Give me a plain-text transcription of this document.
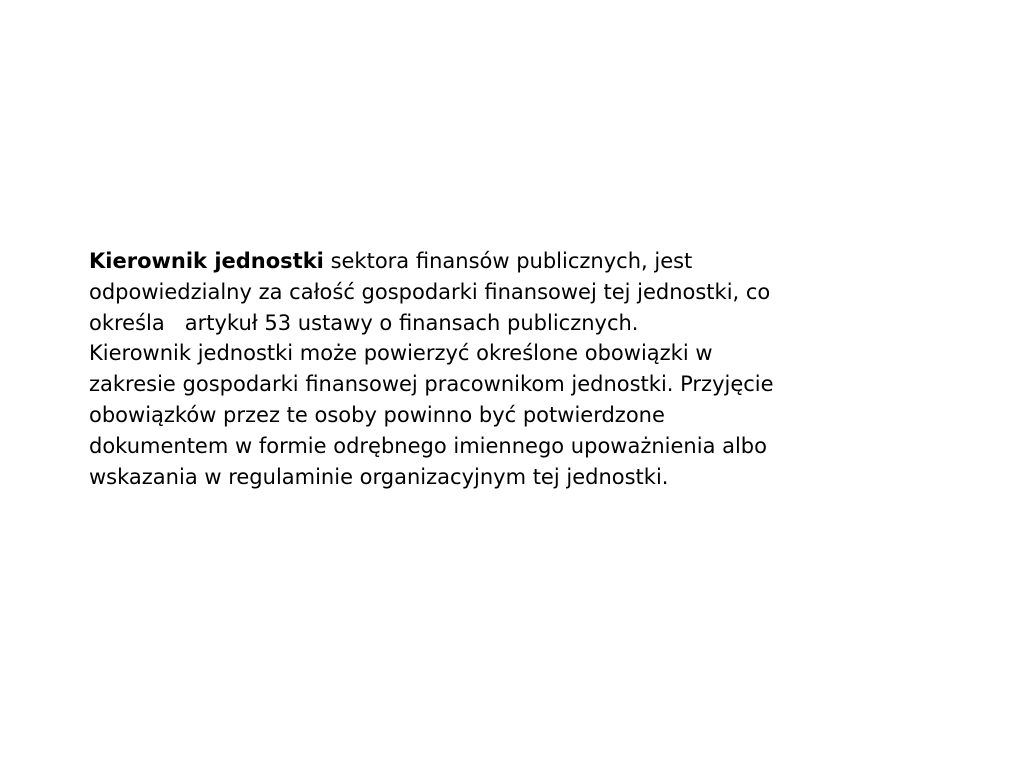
Kierownik jednostki sektora finansów publicznych, jest
odpowiedzialny za całość gospodarki finansowej tej jednostki, co
określa   artykuł 53 ustawy o finansach publicznych.
Kierownik jednostki może powierzyć określone obowiązki w
zakresie gospodarki finansowej pracownikom jednostki. Przyjęcie
obowiązków przez te osoby powinno być potwierdzone
dokumentem w formie odrębnego imiennego upoważnienia albo
wskazania w regulaminie organizacyjnym tej jednostki.
